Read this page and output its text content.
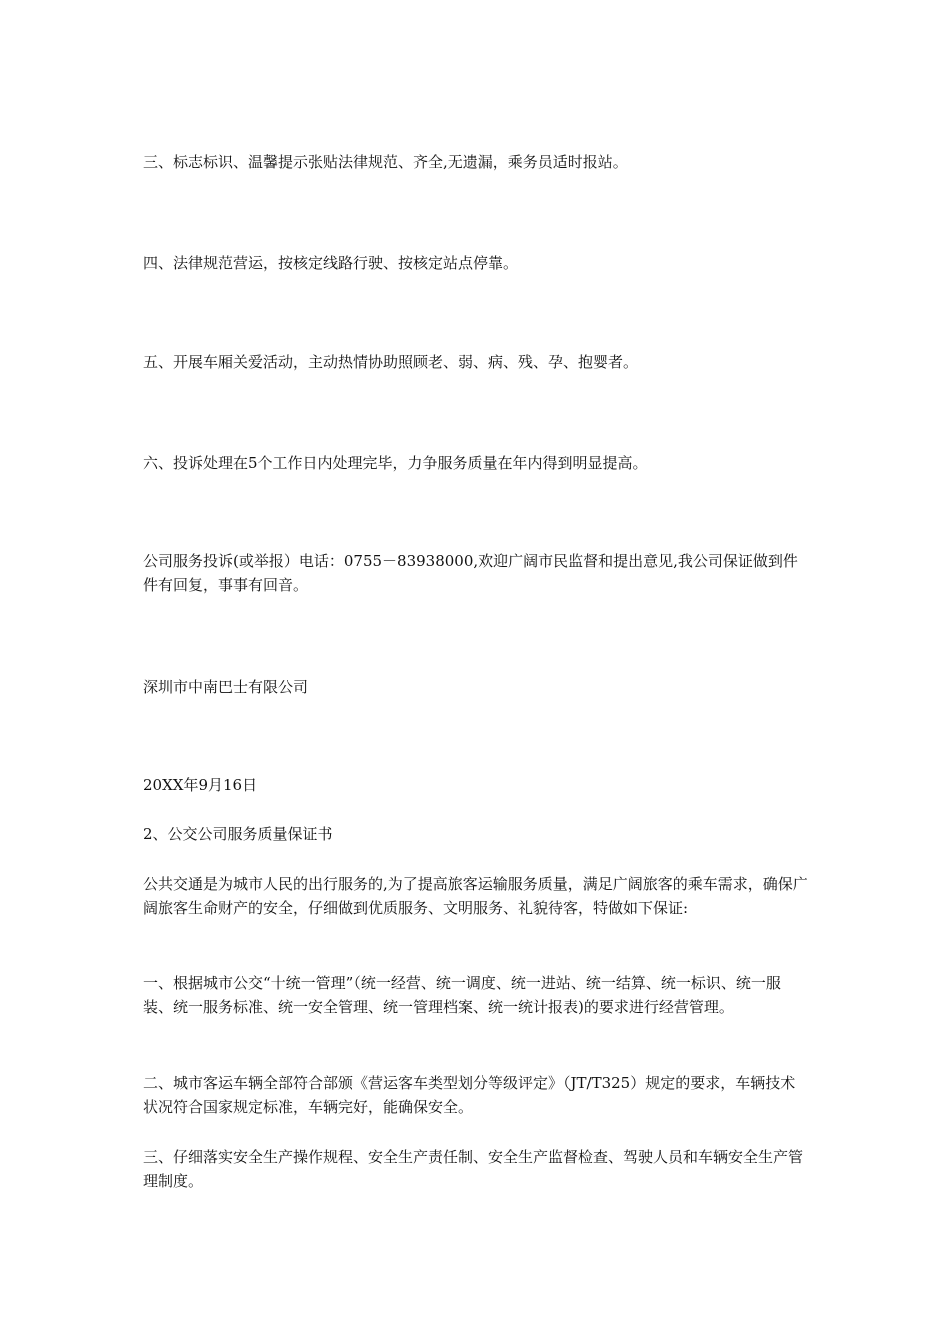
三、标志标识、温馨提示张贴法律规范、齐全,无遗漏，乘务员适时报站。

四、法律规范营运，按核定线路行驶、按核定站点停靠。

五、开展车厢关爱活动，主动热情协助照顾老、弱、病、残、孕、抱婴者。

六、投诉处理在5个工作日内处理完毕，力争服务质量在年内得到明显提高。

公司服务投诉(或举报）电话：0755－83938000,欢迎广阔市民监督和提出意见,我公司保证做到件件有回复，事事有回音。

深圳市中南巴士有限公司

20XX年9月16日

2、公交公司服务质量保证书

公共交通是为城市人民的出行服务的,为了提高旅客运输服务质量，满足广阔旅客的乘车需求，确保广阔旅客生命财产的安全，仔细做到优质服务、文明服务、礼貌待客，特做如下保证:

一、根据城市公交“十统一管理”（统一经营、统一调度、统一进站、统一结算、统一标识、统一服装、统一服务标准、统一安全管理、统一管理档案、统一统计报表)的要求进行经营管理。

二、城市客运车辆全部符合部颁《营运客车类型划分等级评定》（JT/T325）规定的要求，车辆技术状况符合国家规定标准，车辆完好，能确保安全。

三、仔细落实安全生产操作规程、安全生产责任制、安全生产监督检查、驾驶人员和车辆安全生产管理制度。
